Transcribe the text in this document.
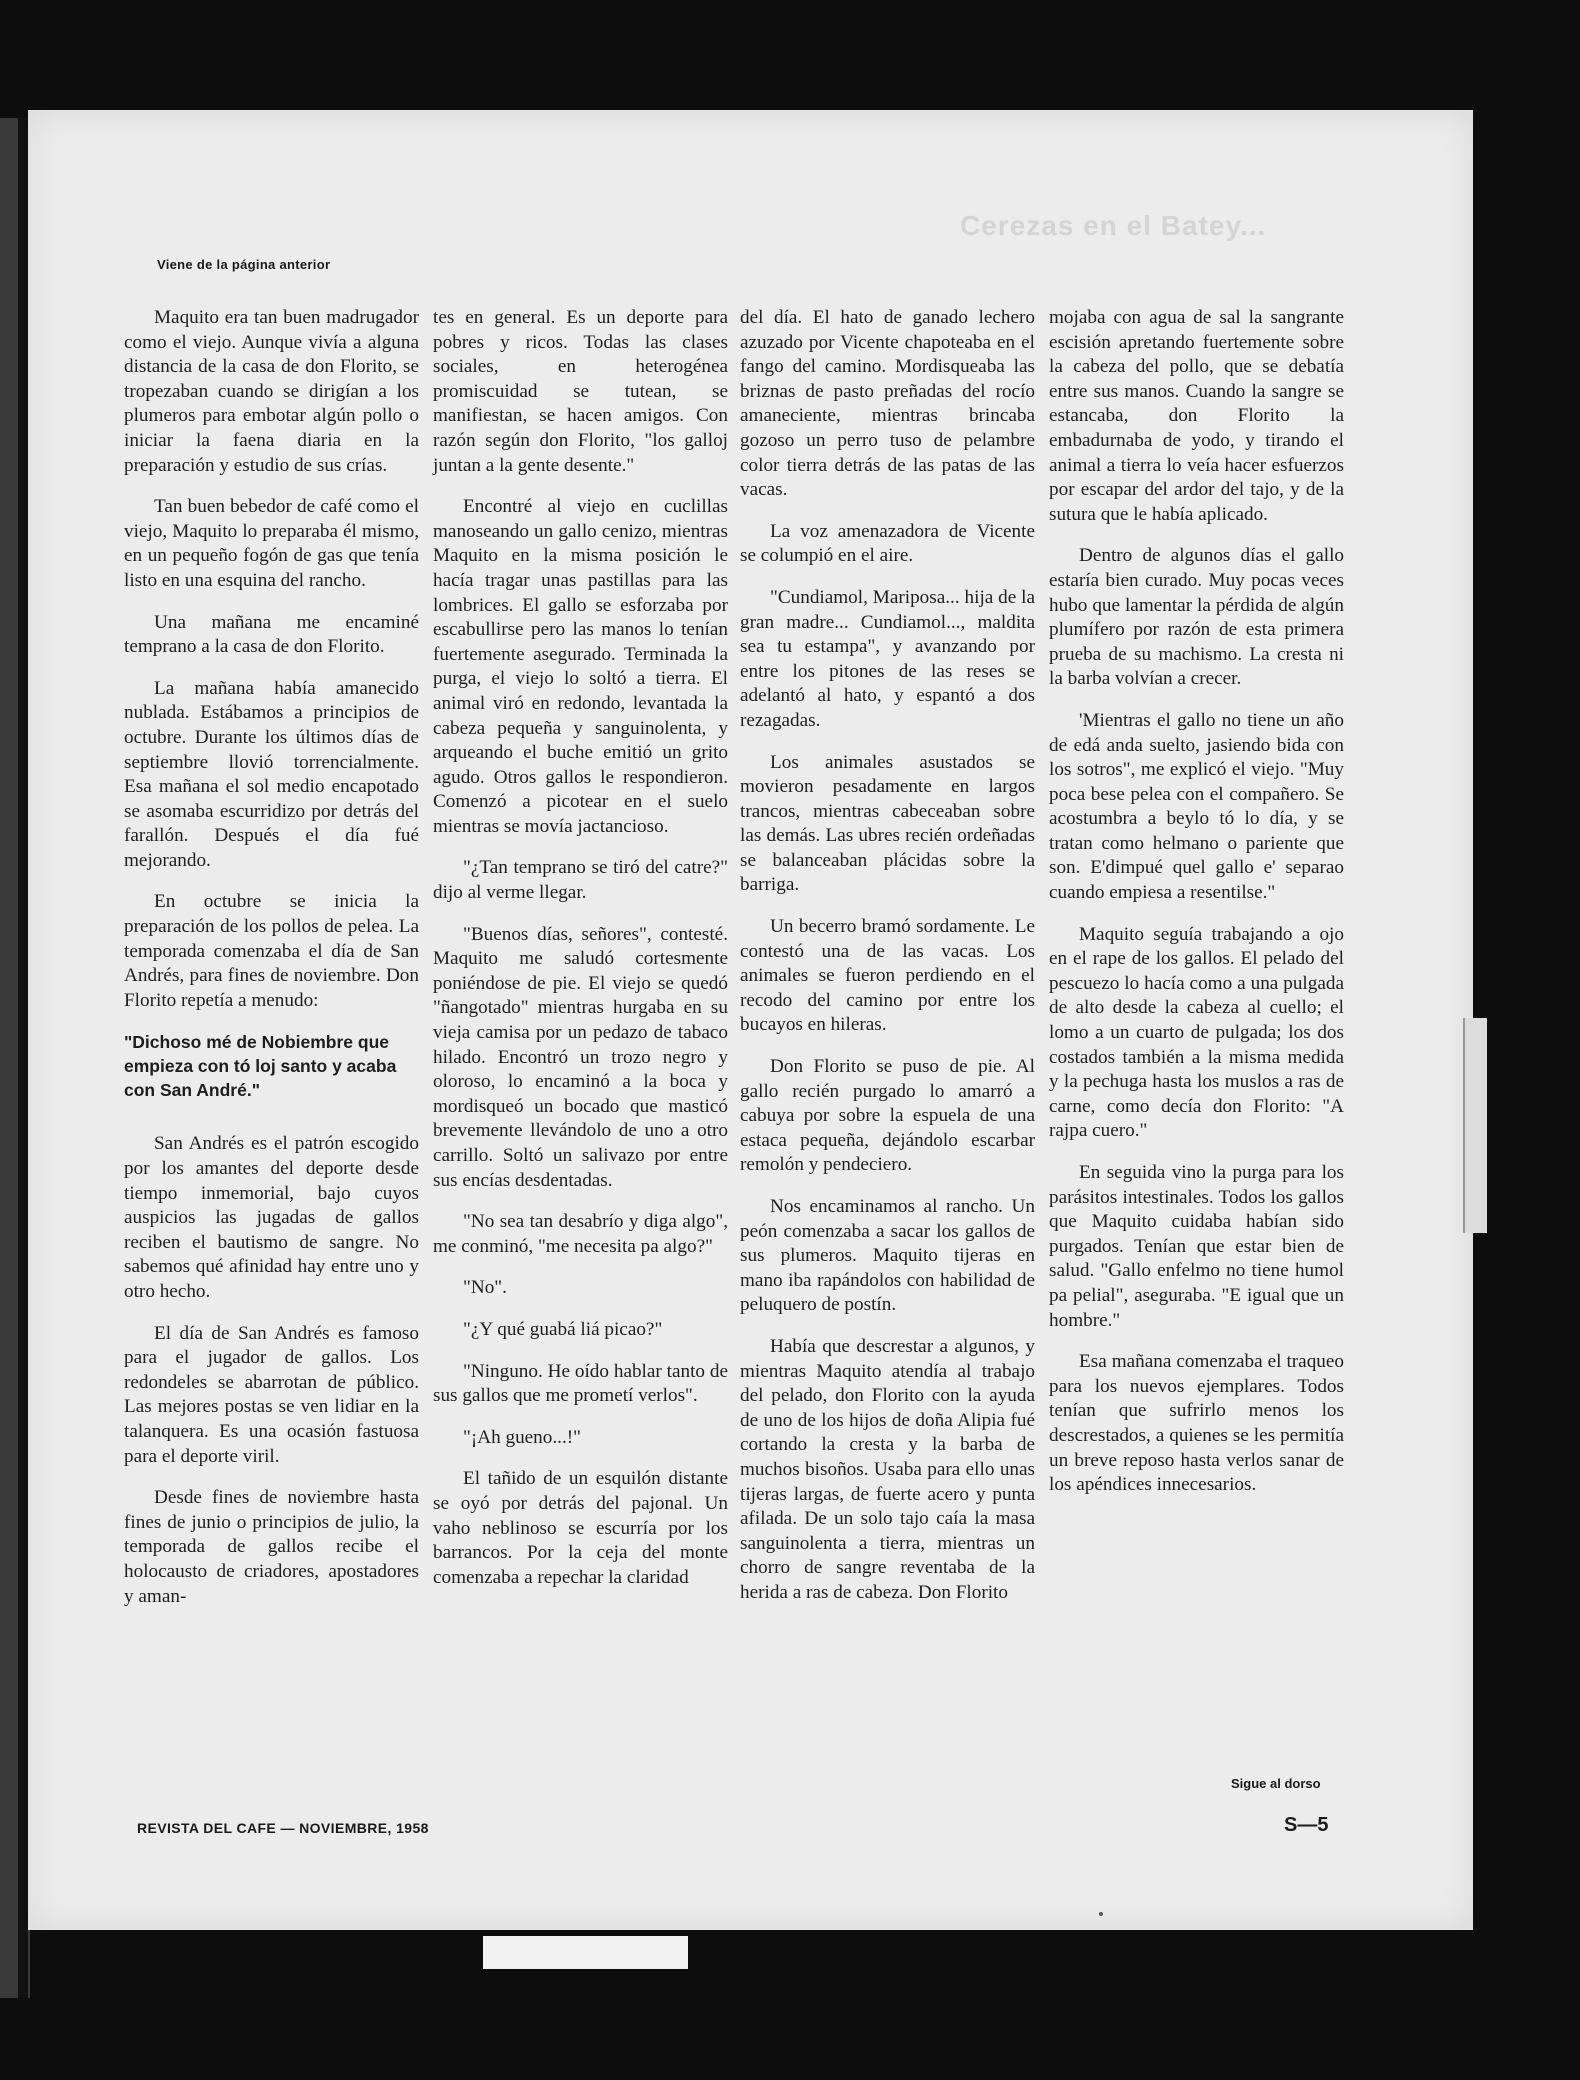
Cerezas en el Batey...
Viene de la página anterior

Maquito era tan buen madrugador como el viejo. Aunque vivía a alguna distancia de la casa de don Florito, se tropezaban cuando se dirigían a los plumeros para embotar algún pollo o iniciar la faena diaria en la preparación y estudio de sus crías.

Tan buen bebedor de café como el viejo, Maquito lo preparaba él mismo, en un pequeño fogón de gas que tenía listo en una esquina del rancho.

Una mañana me encaminé temprano a la casa de don Florito.

La mañana había amanecido nublada. Estábamos a principios de octubre. Durante los últimos días de septiembre llovió torrencialmente. Esa mañana el sol medio encapotado se asomaba escurridizo por detrás del farallón. Después el día fué mejorando.

En octubre se inicia la preparación de los pollos de pelea. La temporada comenzaba el día de San Andrés, para fines de noviembre. Don Florito repetía a menudo:

"Dichoso mé de Nobiembre que empieza con tó loj santo y acaba con San André."

San Andrés es el patrón escogido por los amantes del deporte desde tiempo inmemorial, bajo cuyos auspicios las jugadas de gallos reciben el bautismo de sangre. No sabemos qué afinidad hay entre uno y otro hecho.

El día de San Andrés es famoso para el jugador de gallos. Los redondeles se abarrotan de público. Las mejores postas se ven lidiar en la talanquera. Es una ocasión fastuosa para el deporte viril.

Desde fines de noviembre hasta fines de junio o principios de julio, la temporada de gallos recibe el holocausto de criadores, apostadores y aman-

tes en general. Es un deporte para pobres y ricos. Todas las clases sociales, en heterogénea promiscuidad se tutean, se manifiestan, se hacen amigos. Con razón según don Florito, "los galloj juntan a la gente desente."

Encontré al viejo en cuclillas manoseando un gallo cenizo, mientras Maquito en la misma posición le hacía tragar unas pastillas para las lombrices. El gallo se esforzaba por escabullirse pero las manos lo tenían fuertemente asegurado. Terminada la purga, el viejo lo soltó a tierra. El animal viró en redondo, levantada la cabeza pequeña y sanguinolenta, y arqueando el buche emitió un grito agudo. Otros gallos le respondieron. Comenzó a picotear en el suelo mientras se movía jactancioso.

"¿Tan temprano se tiró del catre?" dijo al verme llegar.

"Buenos días, señores", contesté. Maquito me saludó cortesmente poniéndose de pie. El viejo se quedó "ñangotado" mientras hurgaba en su vieja camisa por un pedazo de tabaco hilado. Encontró un trozo negro y oloroso, lo encaminó a la boca y mordisqueó un bocado que masticó brevemente llevándolo de uno a otro carrillo. Soltó un salivazo por entre sus encías desdentadas.

"No sea tan desabrío y diga algo", me conminó, "me necesita pa algo?"

"No".

"¿Y qué guabá liá picao?"

"Ninguno. He oído hablar tanto de sus gallos que me prometí verlos".

"¡Ah gueno...!"

El tañido de un esquilón distante se oyó por detrás del pajonal. Un vaho neblinoso se escurría por los barrancos. Por la ceja del monte comenzaba a repechar la claridad

del día. El hato de ganado lechero azuzado por Vicente chapoteaba en el fango del camino. Mordisqueaba las briznas de pasto preñadas del rocío amaneciente, mientras brincaba gozoso un perro tuso de pelambre color tierra detrás de las patas de las vacas.

La voz amenazadora de Vicente se columpió en el aire.

"Cundiamol, Mariposa... hija de la gran madre... Cundiamol..., maldita sea tu estampa", y avanzando por entre los pitones de las reses se adelantó al hato, y espantó a dos rezagadas.

Los animales asustados se movieron pesadamente en largos trancos, mientras cabeceaban sobre las demás. Las ubres recién ordeñadas se balanceaban plácidas sobre la barriga.

Un becerro bramó sordamente. Le contestó una de las vacas. Los animales se fueron perdiendo en el recodo del camino por entre los bucayos en hileras.

Don Florito se puso de pie. Al gallo recién purgado lo amarró a cabuya por sobre la espuela de una estaca pequeña, dejándolo escarbar remolón y pendeciero.

Nos encaminamos al rancho. Un peón comenzaba a sacar los gallos de sus plumeros. Maquito tijeras en mano iba rapándolos con habilidad de peluquero de postín.

Había que descrestar a algunos, y mientras Maquito atendía al trabajo del pelado, don Florito con la ayuda de uno de los hijos de doña Alipia fué cortando la cresta y la barba de muchos bisoños. Usaba para ello unas tijeras largas, de fuerte acero y punta afilada. De un solo tajo caía la masa sanguinolenta a tierra, mientras un chorro de sangre reventaba de la herida a ras de cabeza. Don Florito

mojaba con agua de sal la sangrante escisión apretando fuertemente sobre la cabeza del pollo, que se debatía entre sus manos. Cuando la sangre se estancaba, don Florito la embadurnaba de yodo, y tirando el animal a tierra lo veía hacer esfuerzos por escapar del ardor del tajo, y de la sutura que le había aplicado.

Dentro de algunos días el gallo estaría bien curado. Muy pocas veces hubo que lamentar la pérdida de algún plumífero por razón de esta primera prueba de su machismo. La cresta ni la barba volvían a crecer.

'Mientras el gallo no tiene un año de edá anda suelto, jasiendo bida con los sotros", me explicó el viejo. "Muy poca bese pelea con el compañero. Se acostumbra a beylo tó lo día, y se tratan como helmano o pariente que son. E'dimpué quel gallo e' separao cuando empiesa a resentilse."

Maquito seguía trabajando a ojo en el rape de los gallos. El pelado del pescuezo lo hacía como a una pulgada de alto desde la cabeza al cuello; el lomo a un cuarto de pulgada; los dos costados también a la misma medida y la pechuga hasta los muslos a ras de carne, como decía don Florito: "A rajpa cuero."

En seguida vino la purga para los parásitos intestinales. Todos los gallos que Maquito cuidaba habían sido purgados. Tenían que estar bien de salud. "Gallo enfelmo no tiene humol pa pelial", aseguraba. "E igual que un hombre."

Esa mañana comenzaba el traqueo para los nuevos ejemplares. Todos tenían que sufrirlo menos los descrestados, a quienes se les permitía un breve reposo hasta verlos sanar de los apéndices innecesarios.

Sigue al dorso
REVISTA DEL CAFE — NOVIEMBRE, 1958	S—5
